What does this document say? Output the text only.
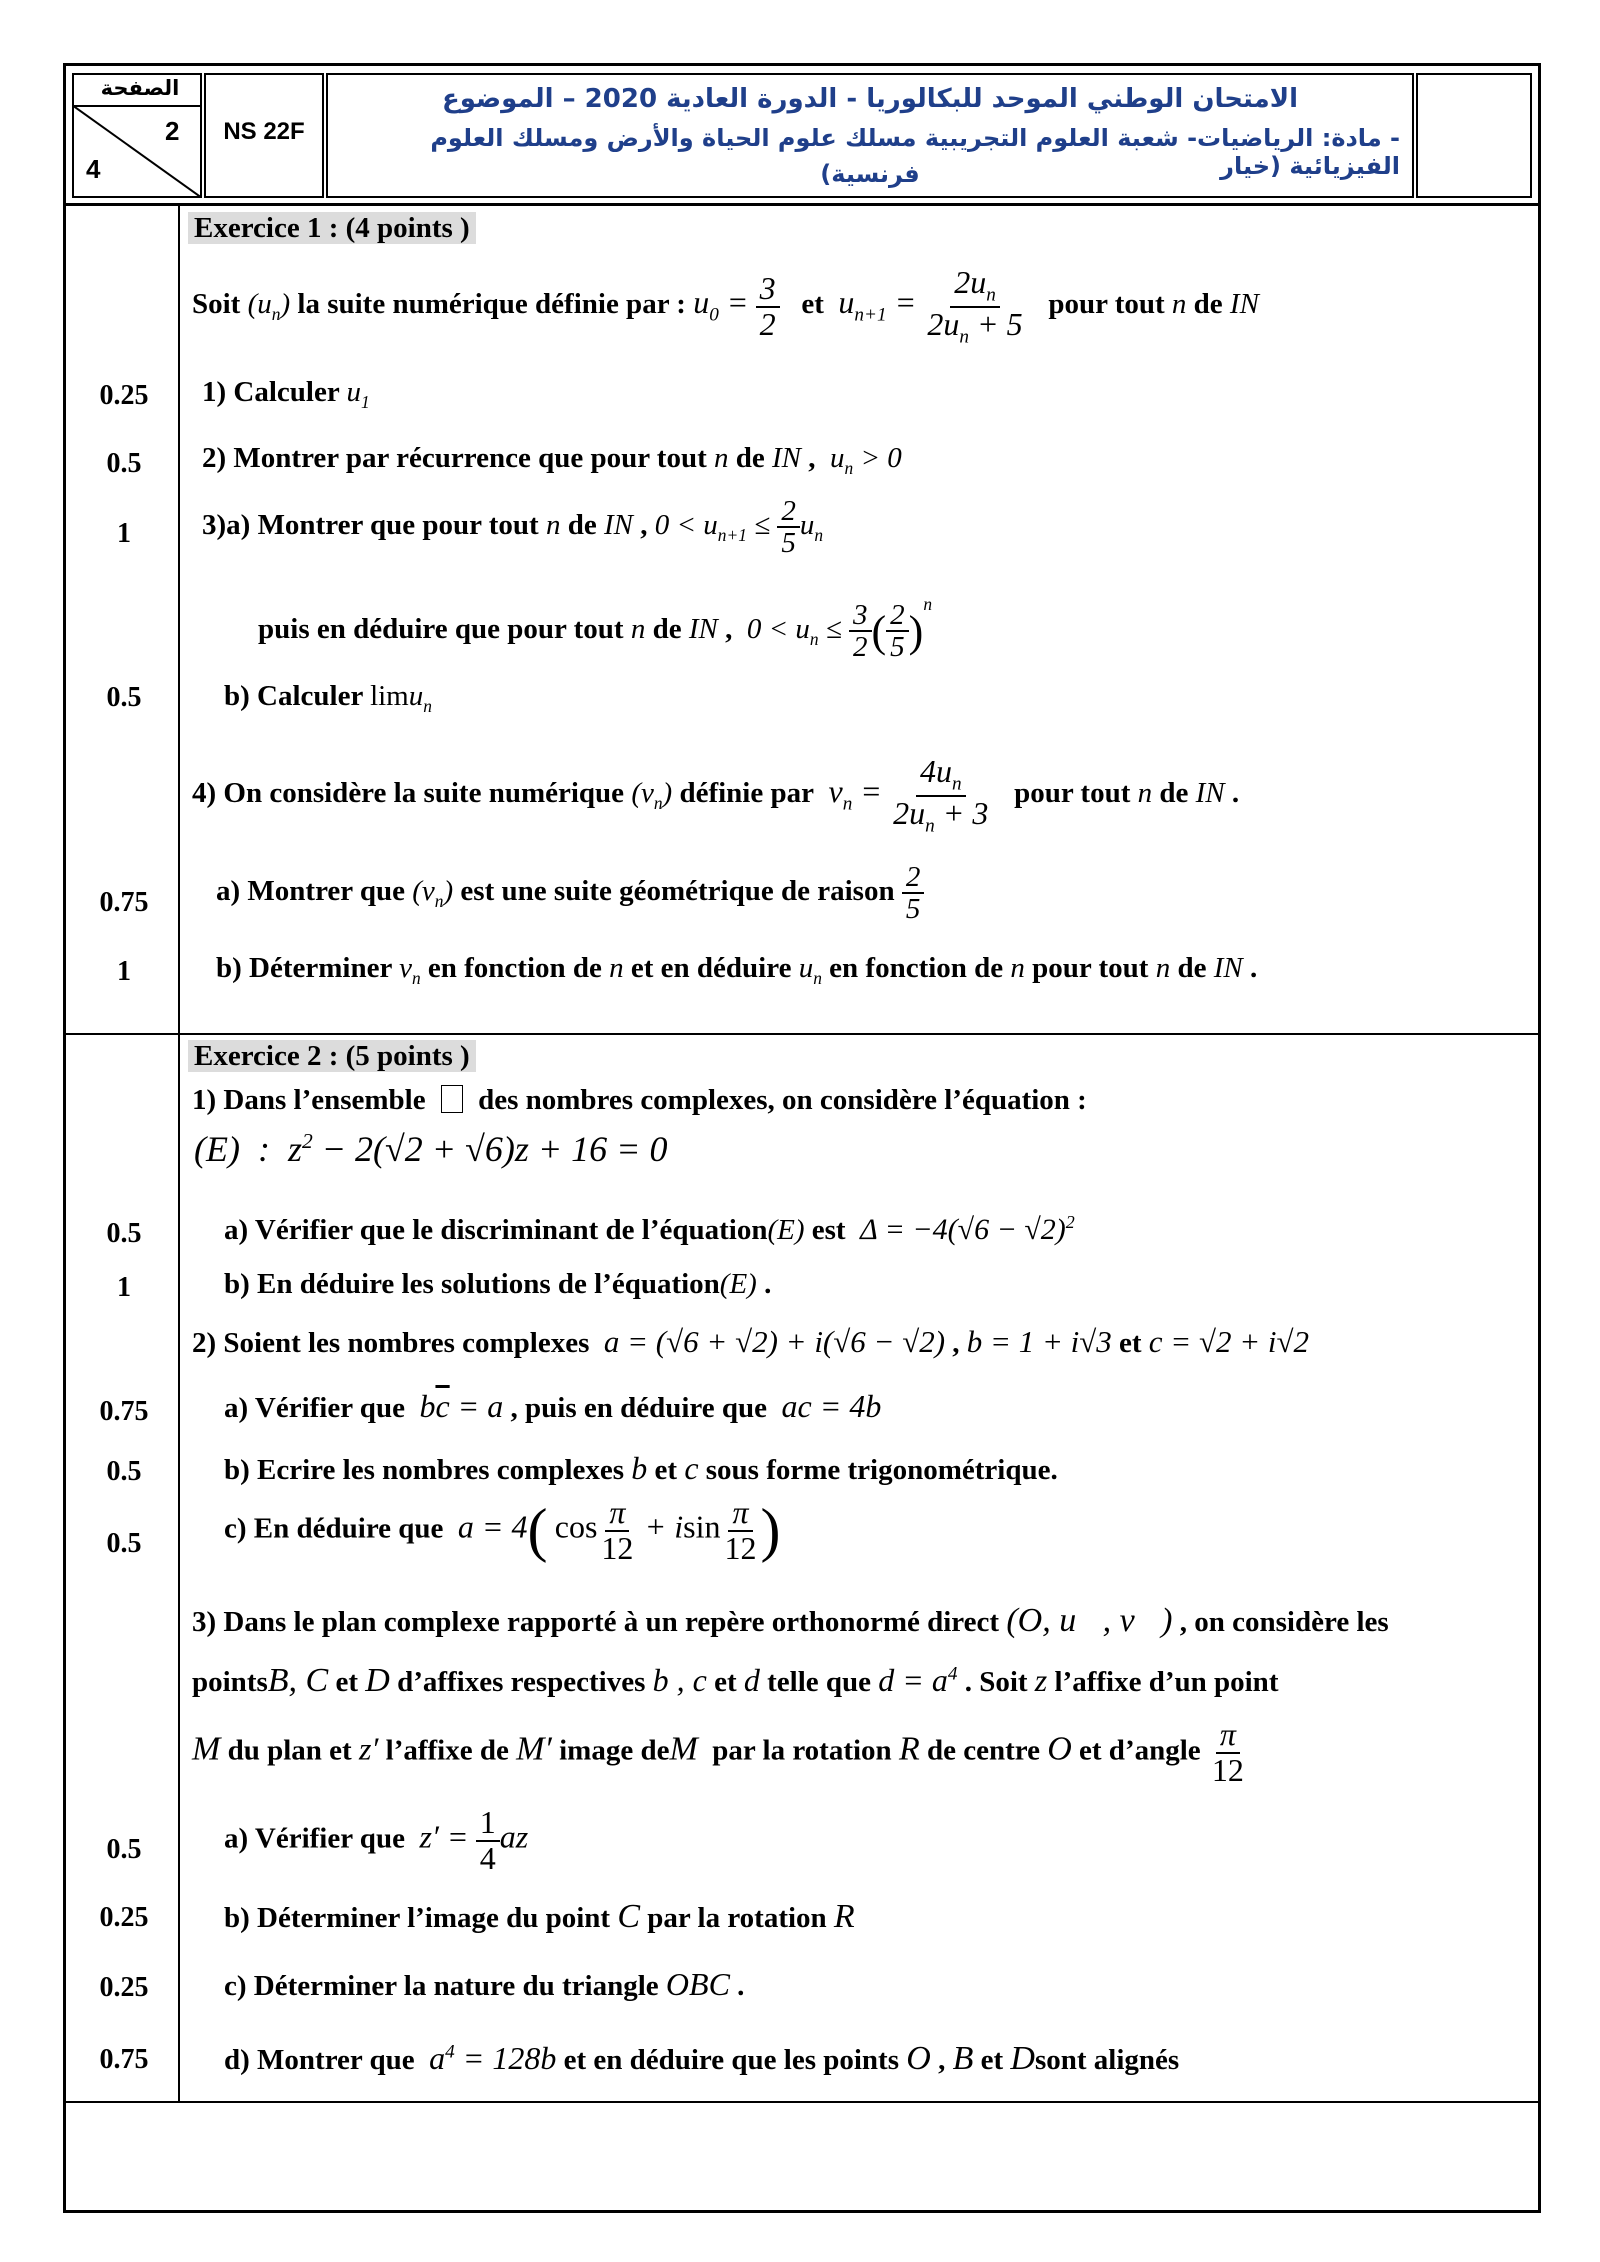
الصفحة
2
4
NS 22F
الامتحان الوطني الموحد للبكالوريا - الدورة العادية 2020 – الموضوع
- مادة: الرياضيات- شعبة العلوم التجريبية مسلك علوم الحياة والأرض ومسلك العلوم الفيزيائية (خيار
فرنسية)
Exercice 1 : (4 points )
Soit $(u_n)$ la suite numérique définie par : $u_0 = \frac{3}{2}$ et $u_{n+1} = \frac{2u_n}{2u_n + 5}$ pour tout n de IN
0.25	1) Calculer $u_1$
0.5	2) Montrer par récurrence que pour tout n de IN ,  $u_n > 0$
1	3)a) Montrer que pour tout n de IN , $0 < u_{n+1} \le \frac{2}{5} u_n$
puis en déduire que pour tout n de IN ,  $0 < u_n \le \frac{3}{2}$ ( $\frac{2}{5} )^n$
0.5	b) Calculer limu$_n$
4) On considère la suite numérique $(v_n)$ définie par $v_n = \frac{4u_n}{2u_n + 3}$ pour tout n de IN .
0.75	a) Montrer que $(v_n)$ est une suite géométrique de raison $\frac{2}{5}$
1	b) Déterminer $v_n$ en fonction de n et en déduire $u_n$ en fonction de n pour tout n de IN .
Exercice 2 : (5 points )
1) Dans l’ensemble des nombres complexes, on considère l’équation :
(E)  :  $z^2 - 2(√2 + √6)z + 16 = 0$
0.5	a) Vérifier que le discriminant de l’équation(E) est $\Delta = -4(√6 - √2)^2$
1	b) En déduire les solutions de l’équation(E) .
2) Soient les nombres complexes a = (√6 + √2) + i(√6 − √2) , b = 1 + i√3 et c = √2 + i√2
0.75	a) Vérifier que $b\overline{c} = a$ , puis en déduire que ac = 4b
0.5	b) Ecrire les nombres complexes b et c sous forme trigonométrique.
0.5	c) En déduire que a = 4( $\cos \frac{\pi}{12} + isin \frac{\pi}{12}$ )
3) Dans le plan complexe rapporté à un repère orthonormé direct (O, u⃗, v⃗) , on considère les
pointsB, C et D d’affixes respectives b , c et d telle que $d = a^4$ . Soit z l’affixe d’un point
M du plan et z′ l’affixe de M′ image deM par la rotation R de centre O et d’angle $\frac{\pi}{12}$
0.5	a) Vérifier que $z' = \frac{1}{4}$ az
0.25	b) Déterminer l’image du point C par la rotation R
0.25	c) Déterminer la nature du triangle OBC .
0.75	d) Montrer que $a^4 = 128b$ et en déduire que les points O , B et Dsont alignés
